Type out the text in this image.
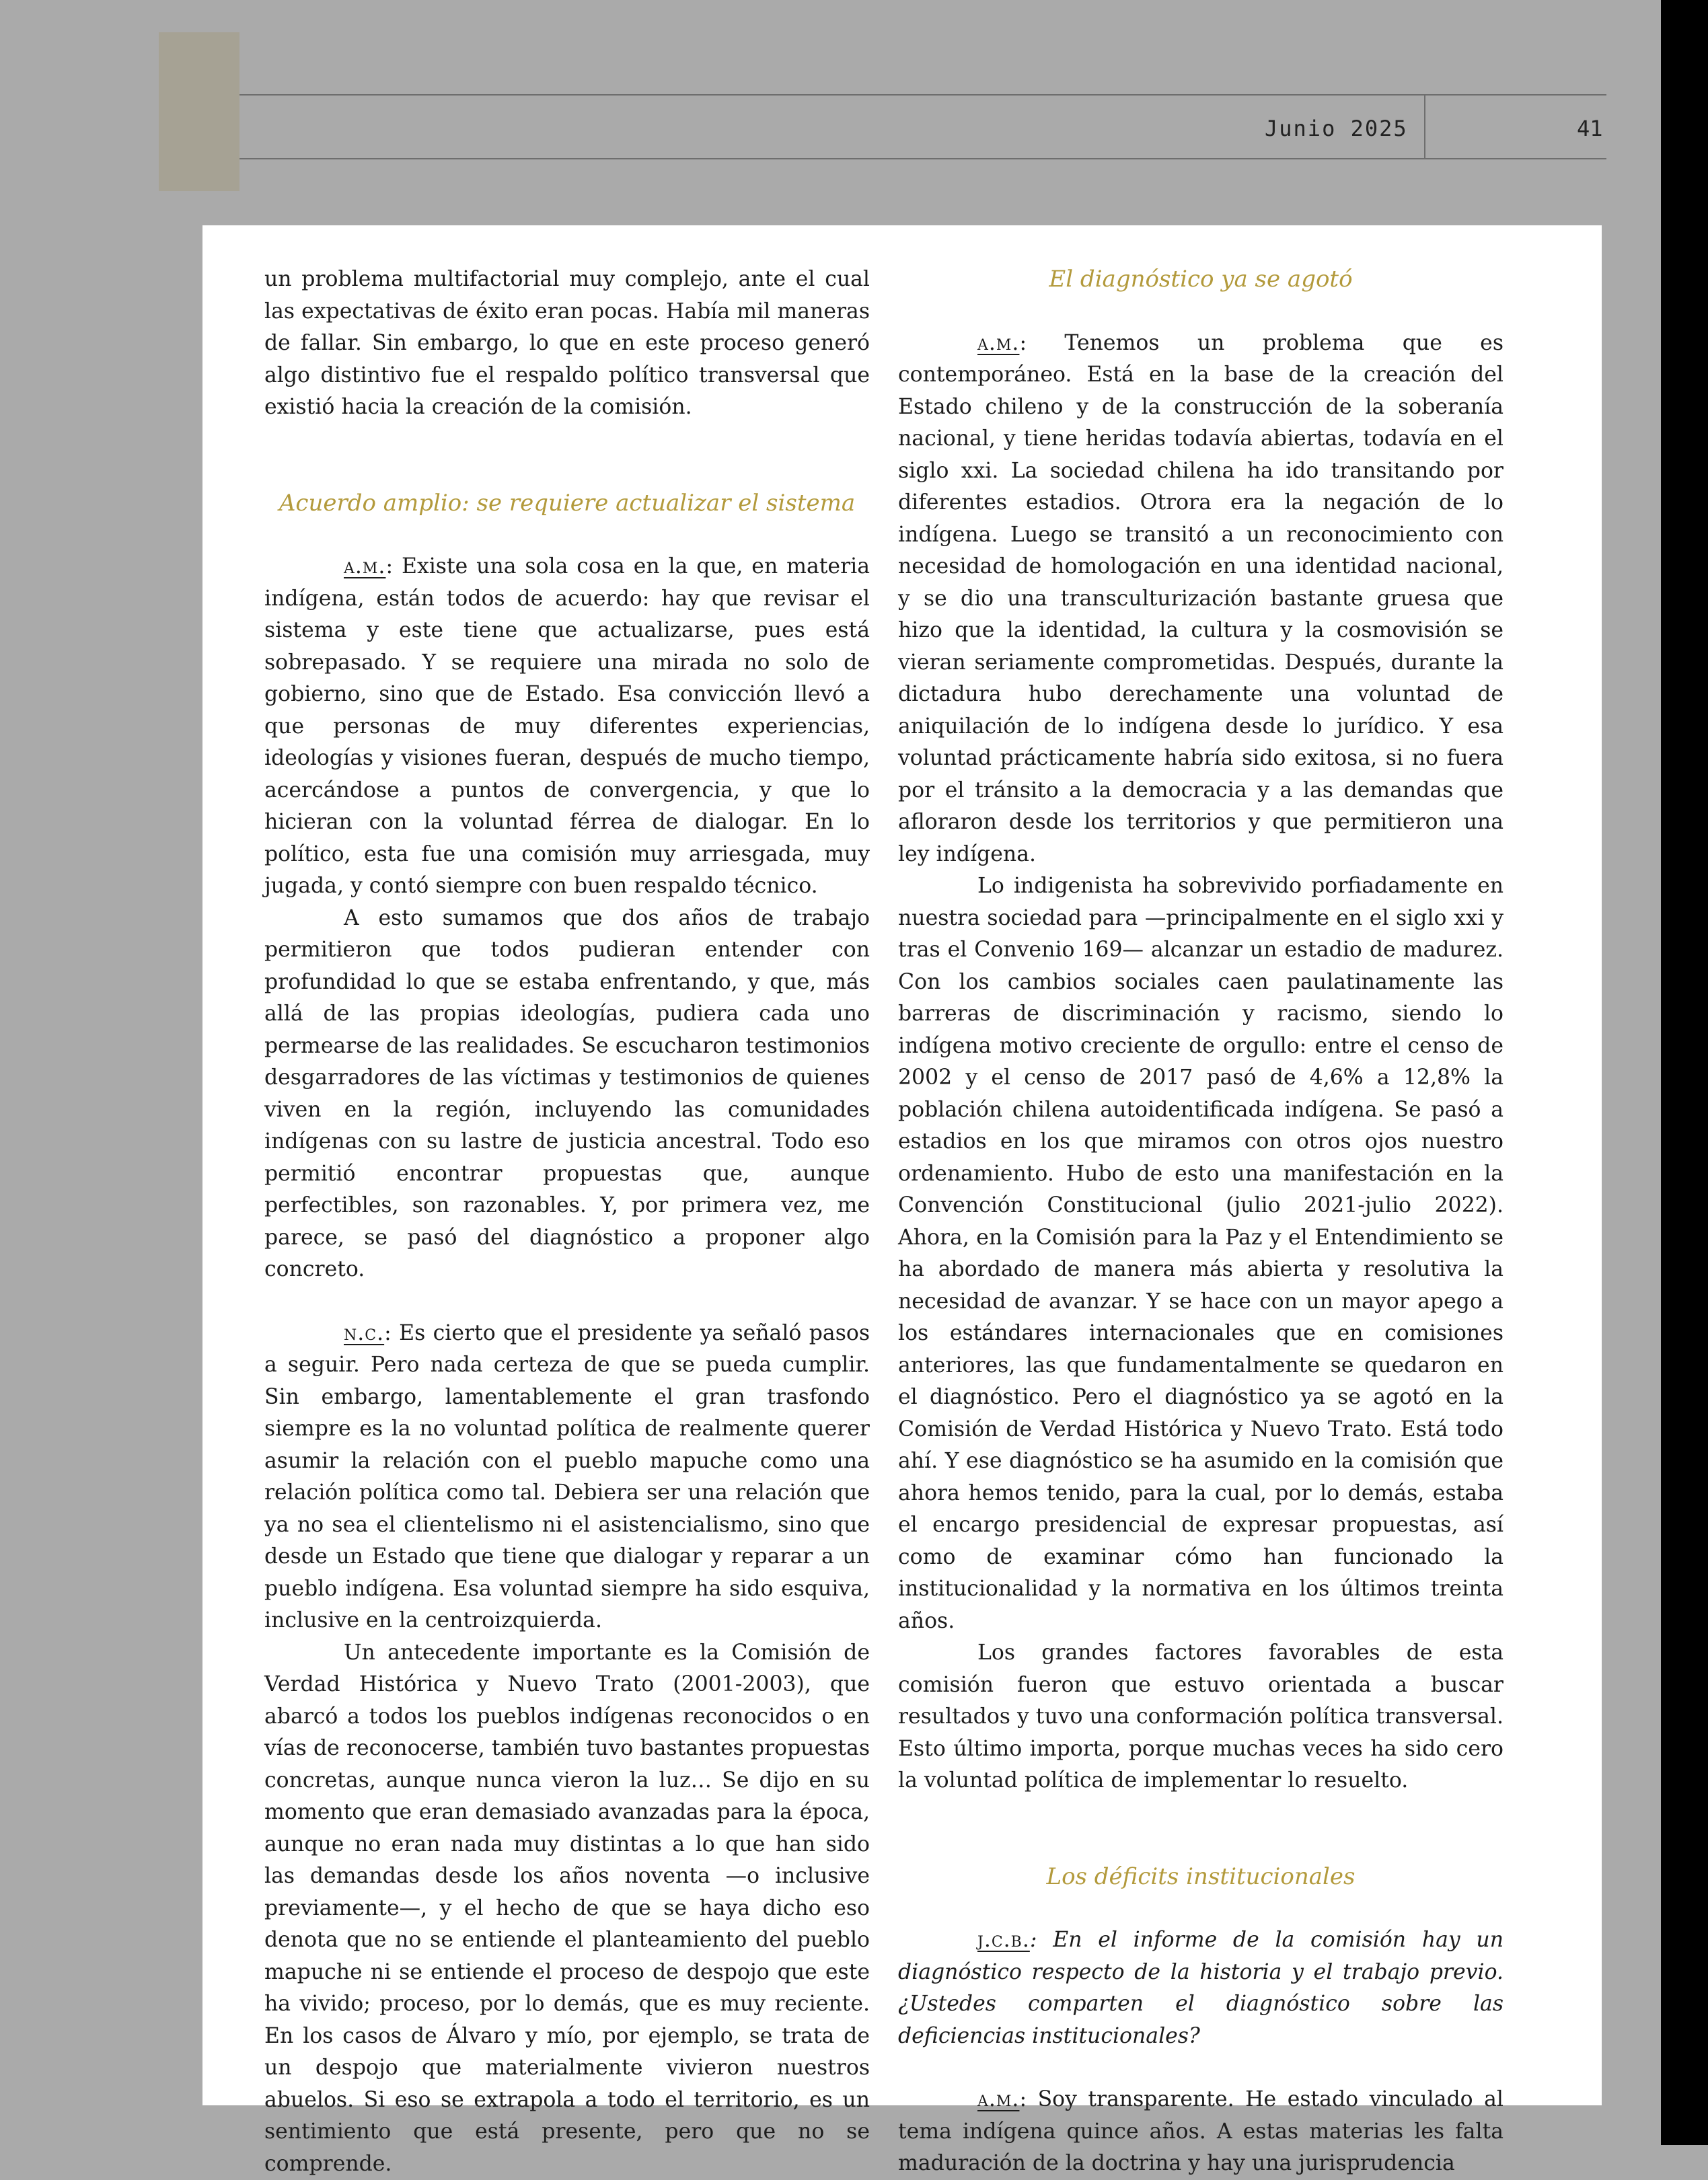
Junio 2025	41

un problema multifactorial muy complejo, ante el cual las expectativas de éxito eran pocas. Había mil maneras de fallar. Sin embargo, lo que en este proceso generó algo distintivo fue el respaldo político transversal que existió hacia la creación de la comisión.

Acuerdo amplio: se requiere actualizar el sistema

a.m.: Existe una sola cosa en la que, en materia indígena, están todos de acuerdo: hay que revisar el sistema y este tiene que actualizarse, pues está sobrepasado. Y se requiere una mirada no solo de gobierno, sino que de Estado. Esa convicción llevó a que personas de muy diferentes experiencias, ideologías y visiones fueran, después de mucho tiempo, acercándose a puntos de convergencia, y que lo hicieran con la voluntad férrea de dialogar. En lo político, esta fue una comisión muy arriesgada, muy jugada, y contó siempre con buen respaldo técnico.

A esto sumamos que dos años de trabajo permitieron que todos pudieran entender con profundidad lo que se estaba enfrentando, y que, más allá de las propias ideologías, pudiera cada uno permearse de las realidades. Se escucharon testimonios desgarradores de las víctimas y testimonios de quienes viven en la región, incluyendo las comunidades indígenas con su lastre de justicia ancestral. Todo eso permitió encontrar propuestas que, aunque perfectibles, son razonables. Y, por primera vez, me parece, se pasó del diagnóstico a proponer algo concreto.

n.c.: Es cierto que el presidente ya señaló pasos a seguir. Pero nada certeza de que se pueda cumplir. Sin embargo, lamentablemente el gran trasfondo siempre es la no voluntad política de realmente querer asumir la relación con el pueblo mapuche como una relación política como tal. Debiera ser una relación que ya no sea el clientelismo ni el asistencialismo, sino que desde un Estado que tiene que dialogar y reparar a un pueblo indígena. Esa voluntad siempre ha sido esquiva, inclusive en la centroizquierda.

Un antecedente importante es la Comisión de Verdad Histórica y Nuevo Trato (2001-2003), que abarcó a todos los pueblos indígenas reconocidos o en vías de reconocerse, también tuvo bastantes propuestas concretas, aunque nunca vieron la luz… Se dijo en su momento que eran demasiado avanzadas para la época, aunque no eran nada muy distintas a lo que han sido las demandas desde los años noventa —o inclusive previamente—, y el hecho de que se haya dicho eso denota que no se entiende el planteamiento del pueblo mapuche ni se entiende el proceso de despojo que este ha vivido; proceso, por lo demás, que es muy reciente. En los casos de Álvaro y mío, por ejemplo, se trata de un despojo que materialmente vivieron nuestros abuelos. Si eso se extrapola a todo el territorio, es un sentimiento que está presente, pero que no se comprende.

El diagnóstico ya se agotó

a.m.: Tenemos un problema que es contemporáneo. Está en la base de la creación del Estado chileno y de la construcción de la soberanía nacional, y tiene heridas todavía abiertas, todavía en el siglo xxi. La sociedad chilena ha ido transitando por diferentes estadios. Otrora era la negación de lo indígena. Luego se transitó a un reconocimiento con necesidad de homologación en una identidad nacional, y se dio una transculturización bastante gruesa que hizo que la identidad, la cultura y la cosmovisión se vieran seriamente comprometidas. Después, durante la dictadura hubo derechamente una voluntad de aniquilación de lo indígena desde lo jurídico. Y esa voluntad prácticamente habría sido exitosa, si no fuera por el tránsito a la democracia y a las demandas que afloraron desde los territorios y que permitieron una ley indígena.

Lo indigenista ha sobrevivido porfiadamente en nuestra sociedad para —principalmente en el siglo xxi y tras el Convenio 169— alcanzar un estadio de madurez. Con los cambios sociales caen paulatinamente las barreras de discriminación y racismo, siendo lo indígena motivo creciente de orgullo: entre el censo de 2002 y el censo de 2017 pasó de 4,6% a 12,8% la población chilena autoidentificada indígena. Se pasó a estadios en los que miramos con otros ojos nuestro ordenamiento. Hubo de esto una manifestación en la Convención Constitucional (julio 2021-julio 2022). Ahora, en la Comisión para la Paz y el Entendimiento se ha abordado de manera más abierta y resolutiva la necesidad de avanzar. Y se hace con un mayor apego a los estándares internacionales que en comisiones anteriores, las que fundamentalmente se quedaron en el diagnóstico. Pero el diagnóstico ya se agotó en la Comisión de Verdad Histórica y Nuevo Trato. Está todo ahí. Y ese diagnóstico se ha asumido en la comisión que ahora hemos tenido, para la cual, por lo demás, estaba el encargo presidencial de expresar propuestas, así como de examinar cómo han funcionado la institucionalidad y la normativa en los últimos treinta años.

Los grandes factores favorables de esta comisión fueron que estuvo orientada a buscar resultados y tuvo una conformación política transversal. Esto último importa, porque muchas veces ha sido cero la voluntad política de implementar lo resuelto.

Los déficits institucionales

j.c.b.: En el informe de la comisión hay un diagnóstico respecto de la historia y el trabajo previo. ¿Ustedes comparten el diagnóstico sobre las deficiencias institucionales?

a.m.: Soy transparente. He estado vinculado al tema indígena quince años. A estas materias les falta maduración de la doctrina y hay una jurisprudencia
